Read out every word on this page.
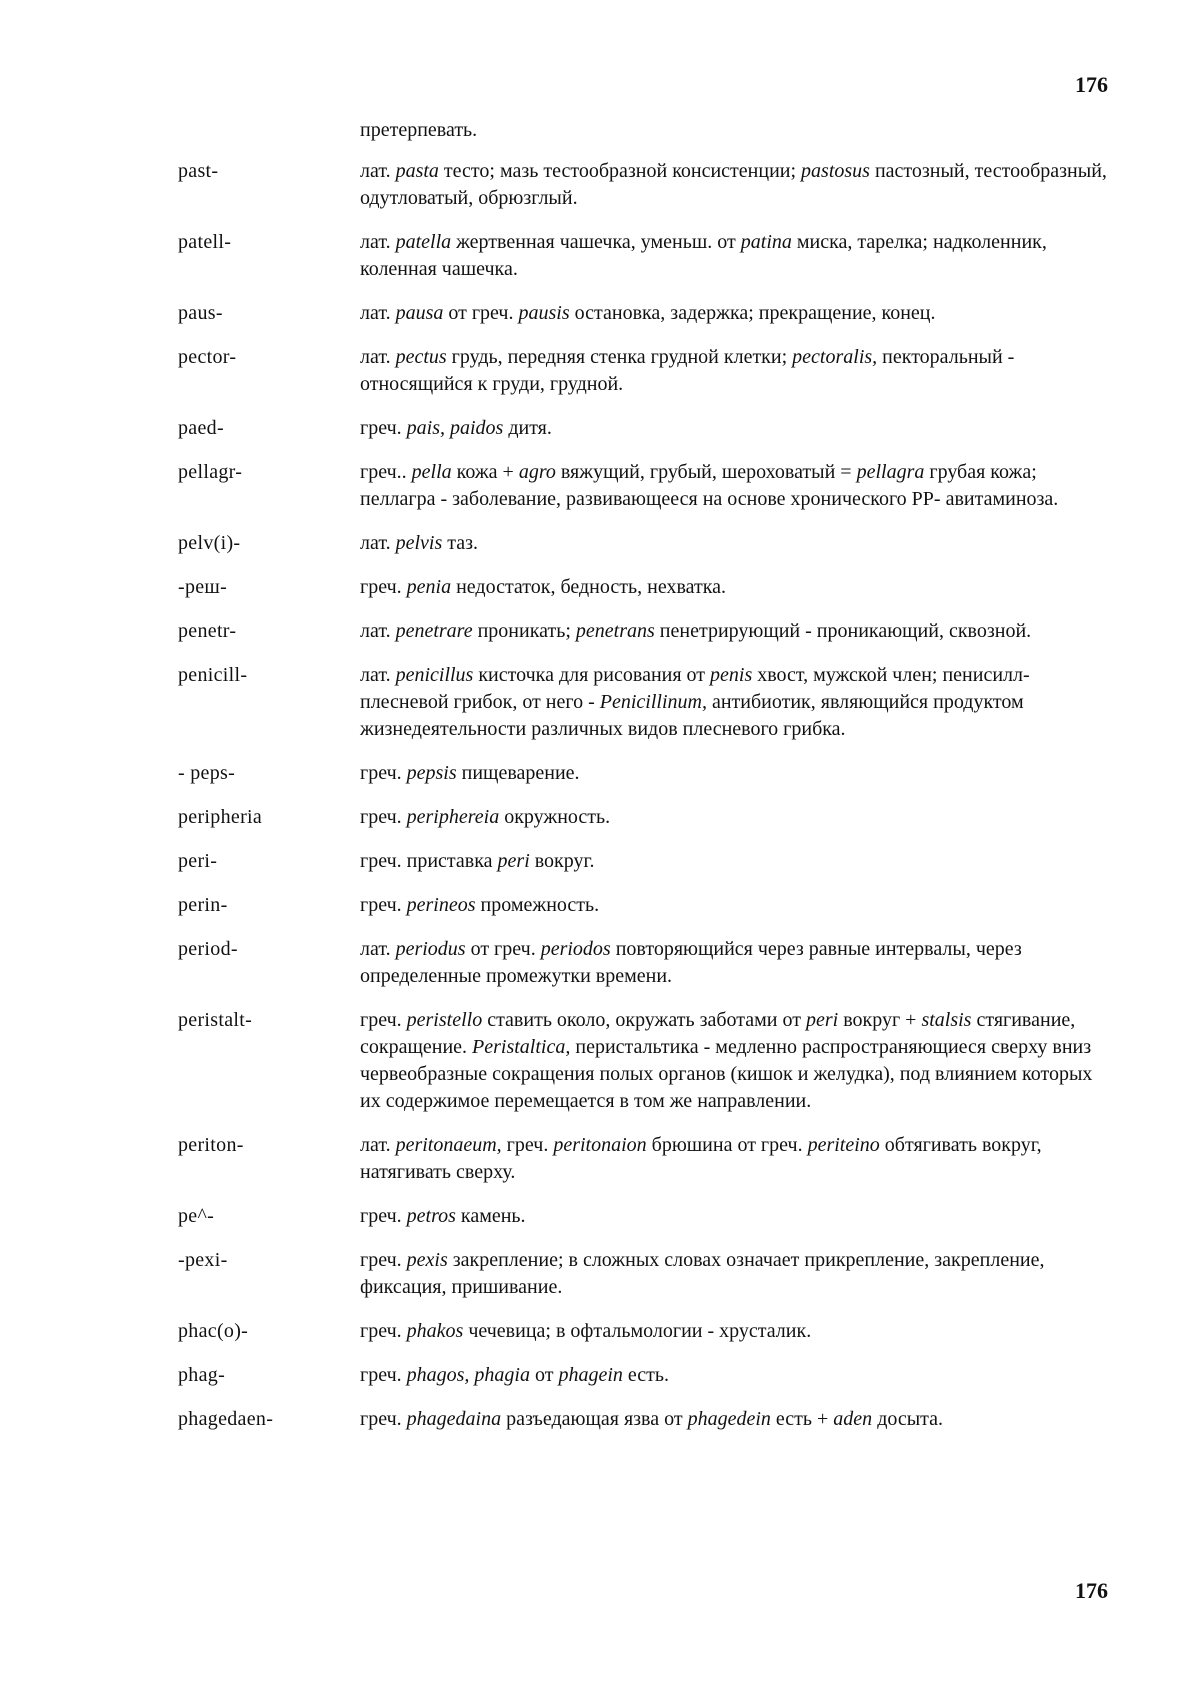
176
претерпевать.
past-	лат. pasta тесто; мазь тестообразной консистенции; pastosus пастозный, тестообразный, одутловатый, обрюзглый.
patell-	лат. patella жертвенная чашечка, уменьш. от patina миска, тарелка; надколенник, коленная чашечка.
paus-	лат. pausa от греч. pausis остановка, задержка; прекращение, конец.
pector-	лат. pectus грудь, передняя стенка грудной клетки; pectoralis, пекторальный - относящийся к груди, грудной.
paed-	греч. pais, paidos дитя.
pellagr-	греч.. pella кожа + agro вяжущий, грубый, шероховатый = pellagra грубая кожа; пеллагра - заболевание, развивающееся на основе хронического РР- авитаминоза.
pelv(i)-	лат. pelvis таз.
-реш-	греч. penia недостаток, бедность, нехватка.
penetr-	лат. penetrare проникать; penetrans пенетрирующий - проникающий, сквозной.
penicill-	лат. penicillus кисточка для рисования от penis хвост, мужской член; пенисилл- плесневой грибок, от него - Penicillinum, антибиотик, являющийся продуктом жизнедеятельности различных видов плесневого грибка.
- peps-	греч. pepsis пищеварение.
peripheria	греч. periphereia окружность.
peri-	греч. приставка peri вокруг.
perin-	греч. perineos промежность.
period-	лат. periodus от греч. periodos повторяющийся через равные интервалы, через определенные промежутки времени.
peristalt-	греч. peristello ставить около, окружать заботами от peri вокруг + stalsis стягивание, сокращение. Peristaltica, перистальтика - медленно распространяющиеся сверху вниз червеобразные сокращения полых органов (кишок и желудка), под влиянием которых их содержимое перемещается в том же направлении.
periton-	лат. peritonaeum, греч. peritonaion брюшина от греч. periteino обтягивать вокруг, натягивать сверху.
pe^-	греч. petros камень.
-pexi-	греч. pexis закрепление; в сложных словах означает прикрепление, закрепление, фиксация, пришивание.
phac(o)-	греч. phakos чечевица; в офтальмологии - хрусталик.
phag-	греч. phagos, phagia от phagein есть.
phagedaen-	греч. phagedaina разъедающая язва от phagedein есть + aden досыта.
176
